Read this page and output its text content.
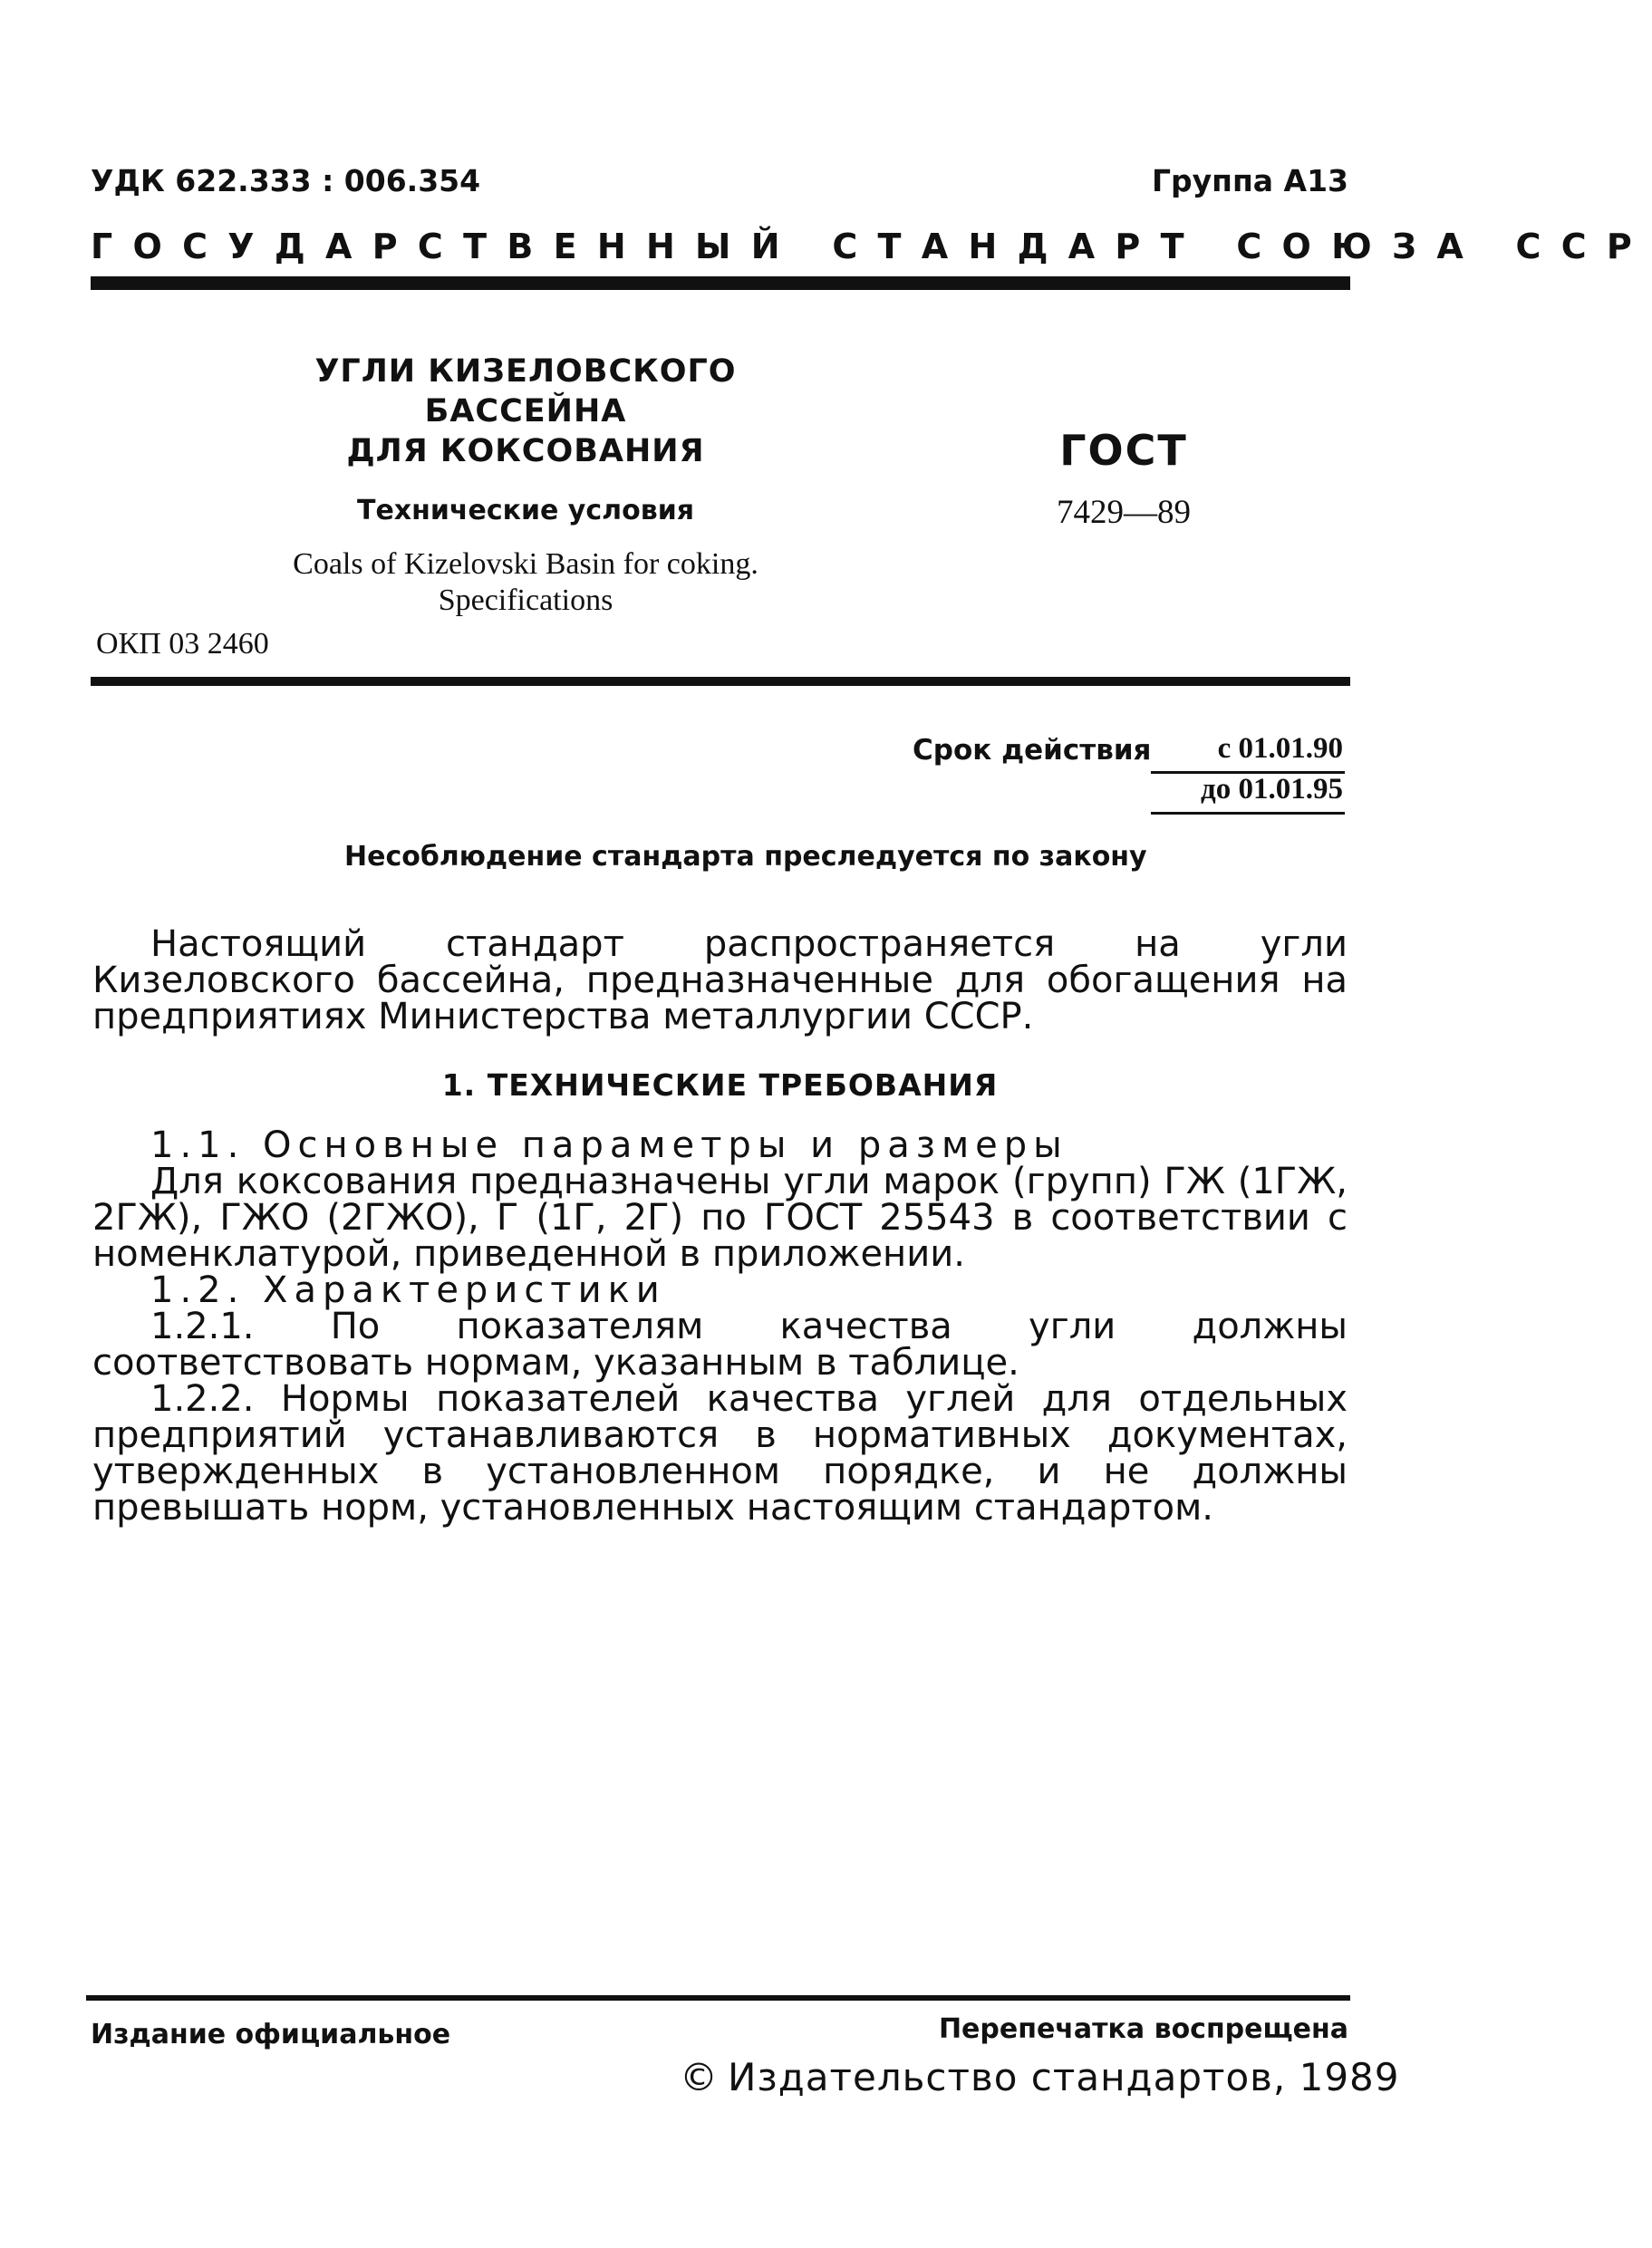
УДК 622.333 : 006.354	Группа А13
ГОСУДАРСТВЕННЫЙ СТАНДАРТ СОЮЗА ССР
УГЛИ КИЗЕЛОВСКОГО БАССЕЙНА
ДЛЯ КОКСОВАНИЯ
Технические условия
Coals of Kizelovski Basin for coking.
Specifications
ГОСТ
7429—89
ОКП 03 2460
Срок действия	с 01.01.90
до 01.01.95
Несоблюдение стандарта преследуется по закону

Настоящий стандарт распространяется на угли Кизеловского бассейна, предназначенные для обогащения на предприятиях Министерства металлургии СССР.

1. ТЕХНИЧЕСКИЕ ТРЕБОВАНИЯ

1.1. Основные параметры и размеры

Для коксования предназначены угли марок (групп) ГЖ (1ГЖ, 2ГЖ), ГЖО (2ГЖО), Г (1Г, 2Г) по ГОСТ 25543 в соответствии с номенклатурой, приведенной в приложении.

1.2. Характеристики

1.2.1. По показателям качества угли должны соответствовать нормам, указанным в таблице.

1.2.2. Нормы показателей качества углей для отдельных предприятий устанавливаются в нормативных документах, утвержденных в установленном порядке, и не должны превышать норм, установленных настоящим стандартом.

Издание официальное	Перепечатка воспрещена
© Издательство стандартов, 1989
